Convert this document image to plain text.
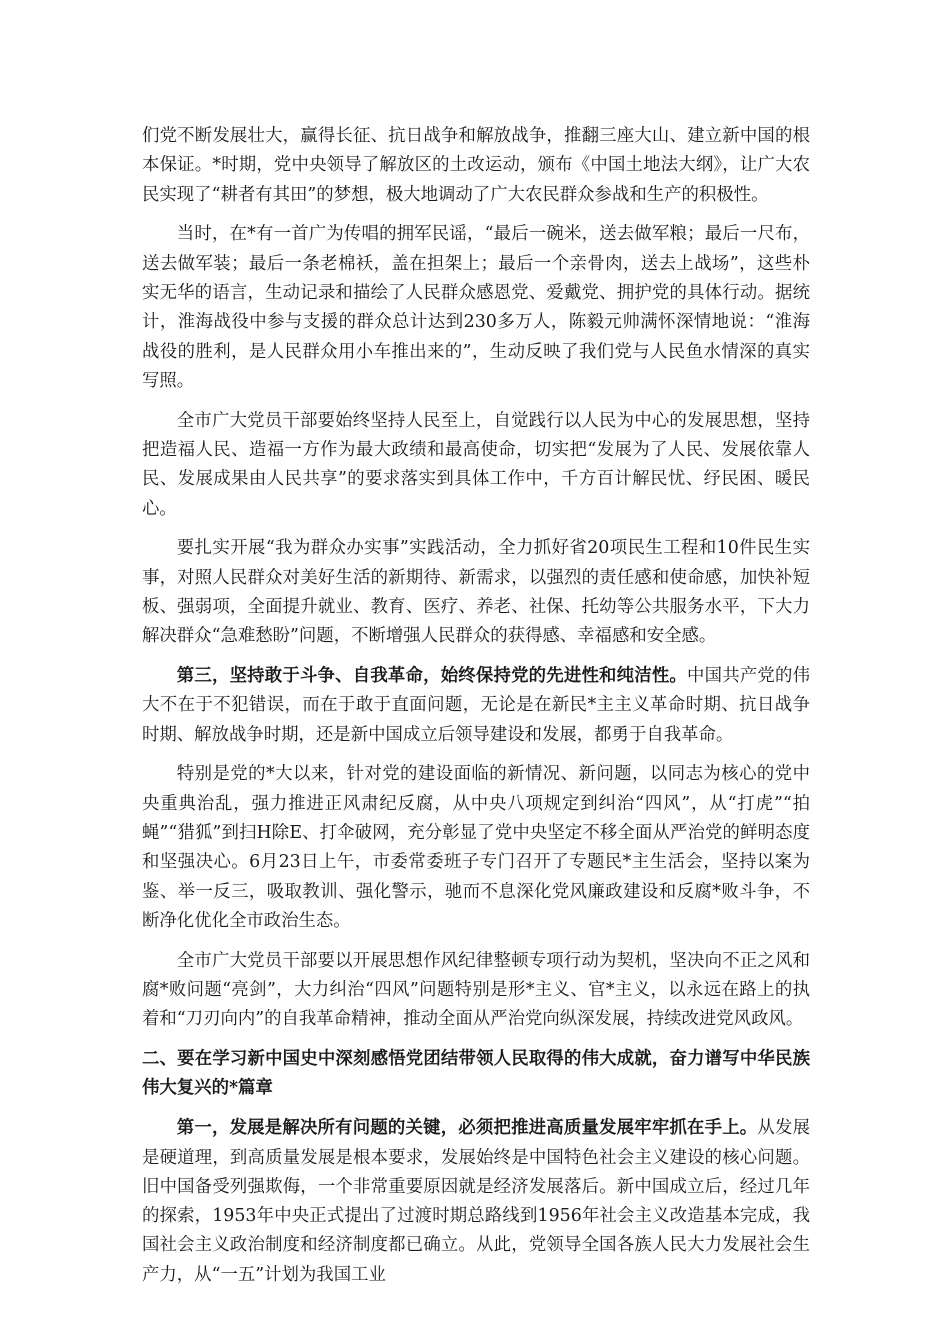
们党不断发展壮大，赢得长征、抗日战争和解放战争，推翻三座大山、建立新中国的根本保证。*时期，党中央领导了解放区的土改运动，颁布《中国土地法大纲》，让广大农民实现了“耕者有其田”的梦想，极大地调动了广大农民群众参战和生产的积极性。

当时，在*有一首广为传唱的拥军民谣，“最后一碗米，送去做军粮；最后一尺布，送去做军装；最后一条老棉袄，盖在担架上；最后一个亲骨肉，送去上战场”，这些朴实无华的语言，生动记录和描绘了人民群众感恩党、爱戴党、拥护党的具体行动。据统计，淮海战役中参与支援的群众总计达到230多万人，陈毅元帅满怀深情地说：“淮海战役的胜利，是人民群众用小车推出来的”，生动反映了我们党与人民鱼水情深的真实写照。

全市广大党员干部要始终坚持人民至上，自觉践行以人民为中心的发展思想，坚持把造福人民、造福一方作为最大政绩和最高使命，切实把“发展为了人民、发展依靠人民、发展成果由人民共享”的要求落实到具体工作中，千方百计解民忧、纾民困、暖民心。

要扎实开展“我为群众办实事”实践活动，全力抓好省20项民生工程和10件民生实事，对照人民群众对美好生活的新期待、新需求，以强烈的责任感和使命感，加快补短板、强弱项，全面提升就业、教育、医疗、养老、社保、托幼等公共服务水平，下大力解决群众“急难愁盼”问题，不断增强人民群众的获得感、幸福感和安全感。

第三，坚持敢于斗争、自我革命，始终保持党的先进性和纯洁性。中国共产党的伟大不在于不犯错误，而在于敢于直面问题，无论是在新民*主主义革命时期、抗日战争时期、解放战争时期，还是新中国成立后领导建设和发展，都勇于自我革命。

特别是党的*大以来，针对党的建设面临的新情况、新问题，以同志为核心的党中央重典治乱，强力推进正风肃纪反腐，从中央八项规定到纠治“四风”，从“打虎”“拍蝇”“猎狐”到扫H除E、打伞破网，充分彰显了党中央坚定不移全面从严治党的鲜明态度和坚强决心。6月23日上午，市委常委班子专门召开了专题民*主生活会，坚持以案为鉴、举一反三，吸取教训、强化警示，驰而不息深化党风廉政建设和反腐*败斗争，不断净化优化全市政治生态。

全市广大党员干部要以开展思想作风纪律整顿专项行动为契机，坚决向不正之风和腐*败问题“亮剑”，大力纠治“四风”问题特别是形*主义、官*主义，以永远在路上的执着和“刀刃向内”的自我革命精神，推动全面从严治党向纵深发展，持续改进党风政风。

二、要在学习新中国史中深刻感悟党团结带领人民取得的伟大成就，奋力谱写中华民族伟大复兴的*篇章

第一，发展是解决所有问题的关键，必须把推进高质量发展牢牢抓在手上。从发展是硬道理，到高质量发展是根本要求，发展始终是中国特色社会主义建设的核心问题。旧中国备受列强欺侮，一个非常重要原因就是经济发展落后。新中国成立后，经过几年的探索，1953年中央正式提出了过渡时期总路线到1956年社会主义改造基本完成，我国社会主义政治制度和经济制度都已确立。从此，党领导全国各族人民大力发展社会生产力，从“一五”计划为我国工业
